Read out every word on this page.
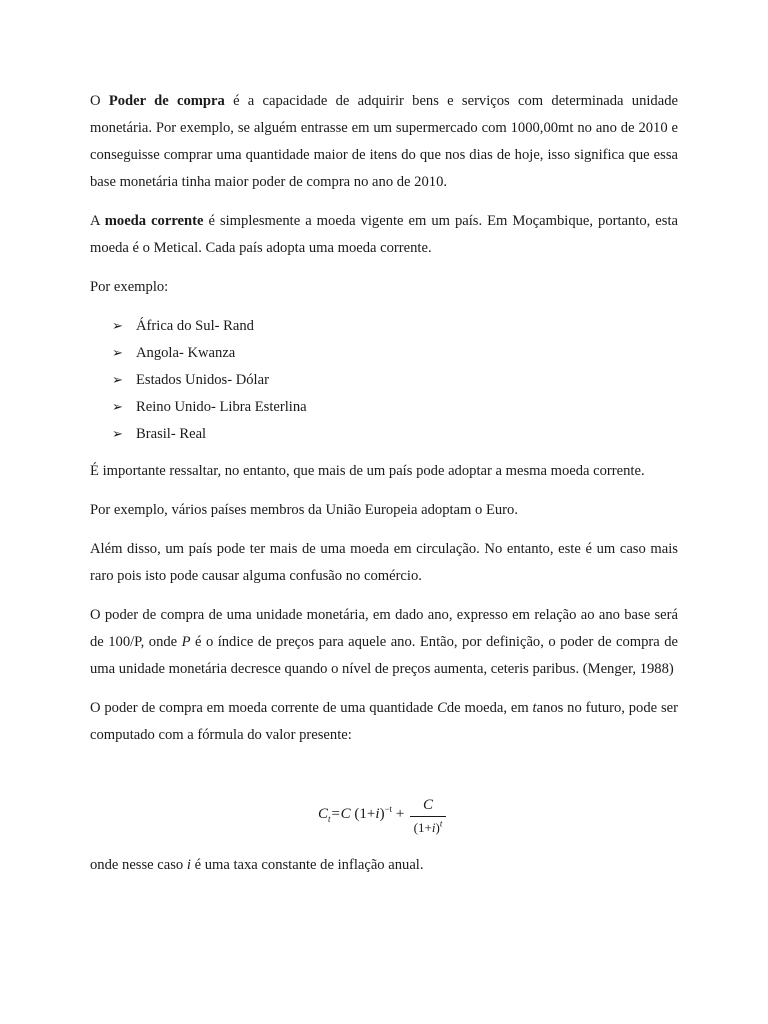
O Poder de compra é a capacidade de adquirir bens e serviços com determinada unidade monetária. Por exemplo, se alguém entrasse em um supermercado com 1000,00mt no ano de 2010 e conseguisse comprar uma quantidade maior de itens do que nos dias de hoje, isso significa que essa base monetária tinha maior poder de compra no ano de 2010.

A moeda corrente é simplesmente a moeda vigente em um país. Em Moçambique, portanto, esta moeda é o Metical. Cada país adopta uma moeda corrente.

Por exemplo:

➢ África do Sul- Rand
➢ Angola- Kwanza
➢ Estados Unidos- Dólar
➢ Reino Unido- Libra Esterlina
➢ Brasil- Real

É importante ressaltar, no entanto, que mais de um país pode adoptar a mesma moeda corrente.

Por exemplo, vários países membros da União Europeia adoptam o Euro.

Além disso, um país pode ter mais de uma moeda em circulação. No entanto, este é um caso mais raro pois isto pode causar alguma confusão no comércio.

O poder de compra de uma unidade monetária, em dado ano, expresso em relação ao ano base será de 100/P, onde P é o índice de preços para aquele ano. Então, por definição, o poder de compra de uma unidade monetária decresce quando o nível de preços aumenta, ceteris paribus. (Menger, 1988)

O poder de compra em moeda corrente de uma quantidade Cde moeda, em tanos no futuro, pode ser computado com a fórmula do valor presente:

$C_t=C$ $(1+i)^{-t}$ +
C
$(1+i)^t$

onde nesse caso i é uma taxa constante de inflação anual.
